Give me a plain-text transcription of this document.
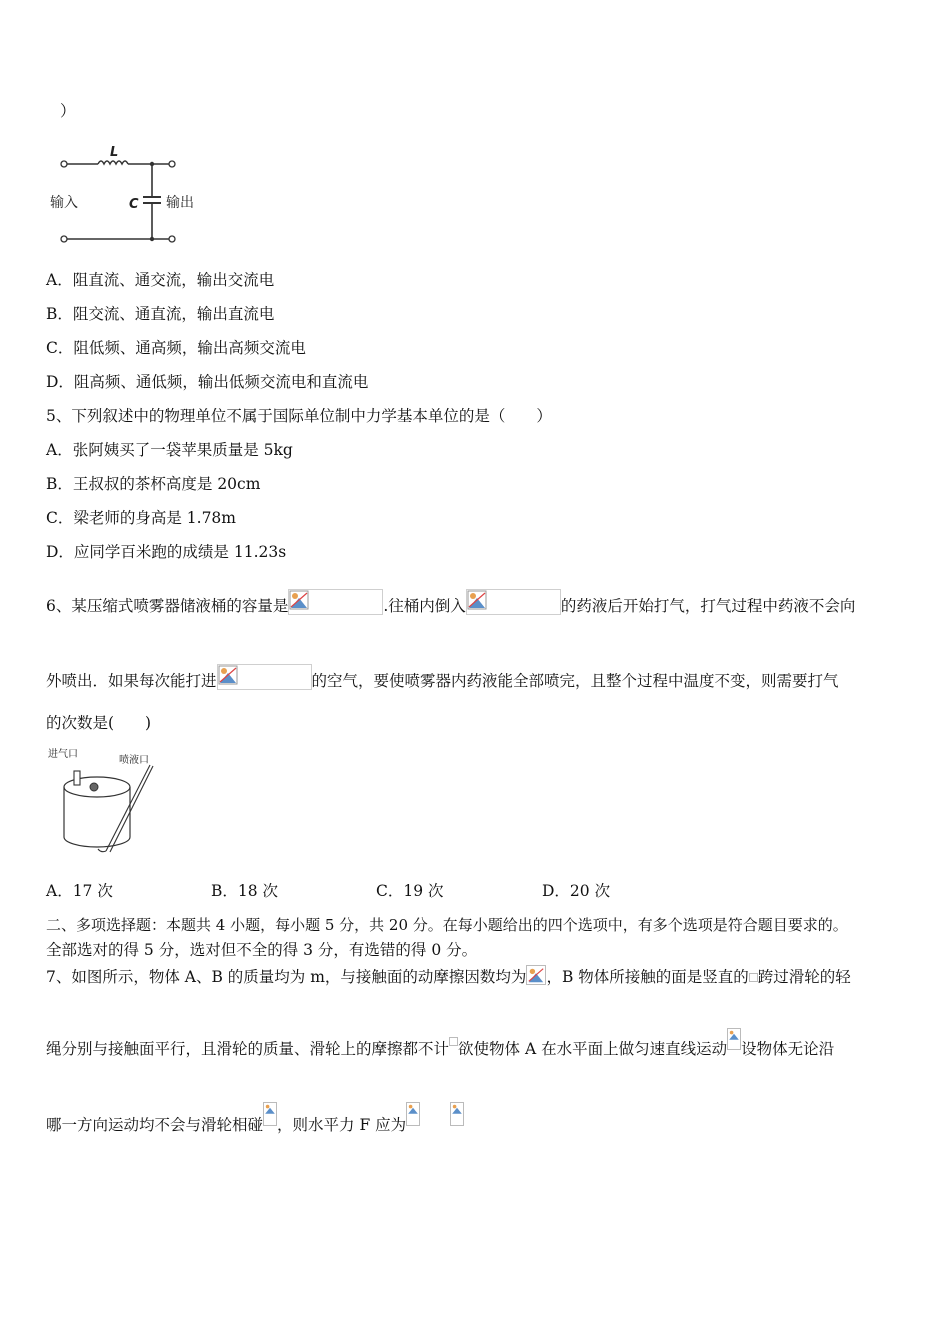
）
L
C
输入	输出
A．阻直流、通交流，输出交流电
B．阻交流、通直流，输出直流电
C．阻低频、通高频，输出高频交流电
D．阻高频、通低频，输出低频交流电和直流电
5、下列叙述中的物理单位不属于国际单位制中力学基本单位的是（　　）
A．张阿姨买了一袋苹果质量是 5kg
B．王叔叔的茶杯高度是 20cm
C．梁老师的身高是 1.78m
D．应同学百米跑的成绩是 11.23s
6、某压缩式喷雾器储液桶的容量是	.往桶内倒入	的药液后开始打气，打气过程中药液不会向
外喷出．如果每次能打进	的空气，要使喷雾器内药液能全部喷完，且整个过程中温度不变，则需要打气
的次数是(　　)
进气口
喷液口
A．17 次	B．18 次	C．19 次	D．20 次
二、多项选择题：本题共 4 小题，每小题 5 分，共 20 分。在每小题给出的四个选项中，有多个选项是符合题目要求的。
全部选对的得 5 分，选对但不全的得 3 分，有选错的得 0 分。
7、如图所示，物体 A、B 的质量均为 m，与接触面的动摩擦因数均为 ，B 物体所接触的面是竖直的 跨过滑轮的轻
绳分别与接触面平行，且滑轮的质量、滑轮上的摩擦都不计 欲使物体 A 在水平面上做匀速直线运动 设物体无论沿
哪一方向运动均不会与滑轮相碰 ，则水平力 F 应为
